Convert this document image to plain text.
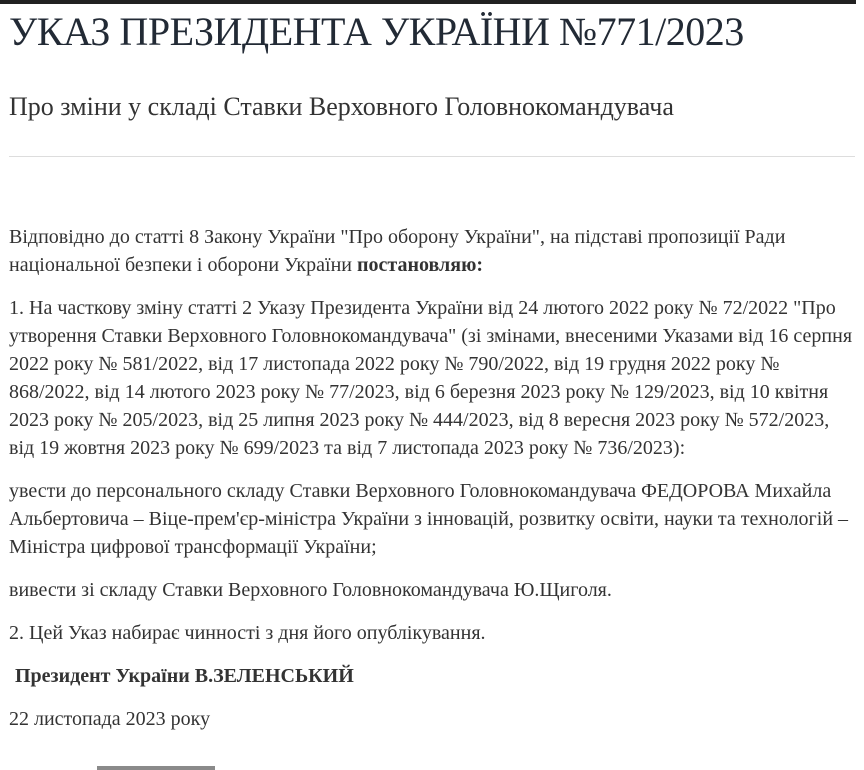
УКАЗ ПРЕЗИДЕНТА УКРАЇНИ №771/2023
Про зміни у складі Ставки Верховного Головнокомандувача

Відповідно до статті 8 Закону України "Про оборону України", на підставі пропозиції Ради національної безпеки і оборони України постановляю:

1. На часткову зміну статті 2 Указу Президента України від 24 лютого 2022 року № 72/2022 "Про утворення Ставки Верховного Головнокомандувача" (зі змінами, внесеними Указами від 16 серпня 2022 року № 581/2022, від 17 листопада 2022 року № 790/2022, від 19 грудня 2022 року № 868/2022, від 14 лютого 2023 року № 77/2023, від 6 березня 2023 року № 129/2023, від 10 квітня 2023 року № 205/2023, від 25 липня 2023 року № 444/2023, від 8 вересня 2023 року № 572/2023, від 19 жовтня 2023 року № 699/2023 та від 7 листопада 2023 року № 736/2023):

увести до персонального складу Ставки Верховного Головнокомандувача ФЕДОРОВА Михайла Альбертовича – Віце-прем'єр-міністра України з інновацій, розвитку освіти, науки та технологій – Міністра цифрової трансформації України;

вивести зі складу Ставки Верховного Головнокомандувача Ю.Щиголя.

2. Цей Указ набирає чинності з дня його опублікування.

Президент України В.ЗЕЛЕНСЬКИЙ

22 листопада 2023 року
